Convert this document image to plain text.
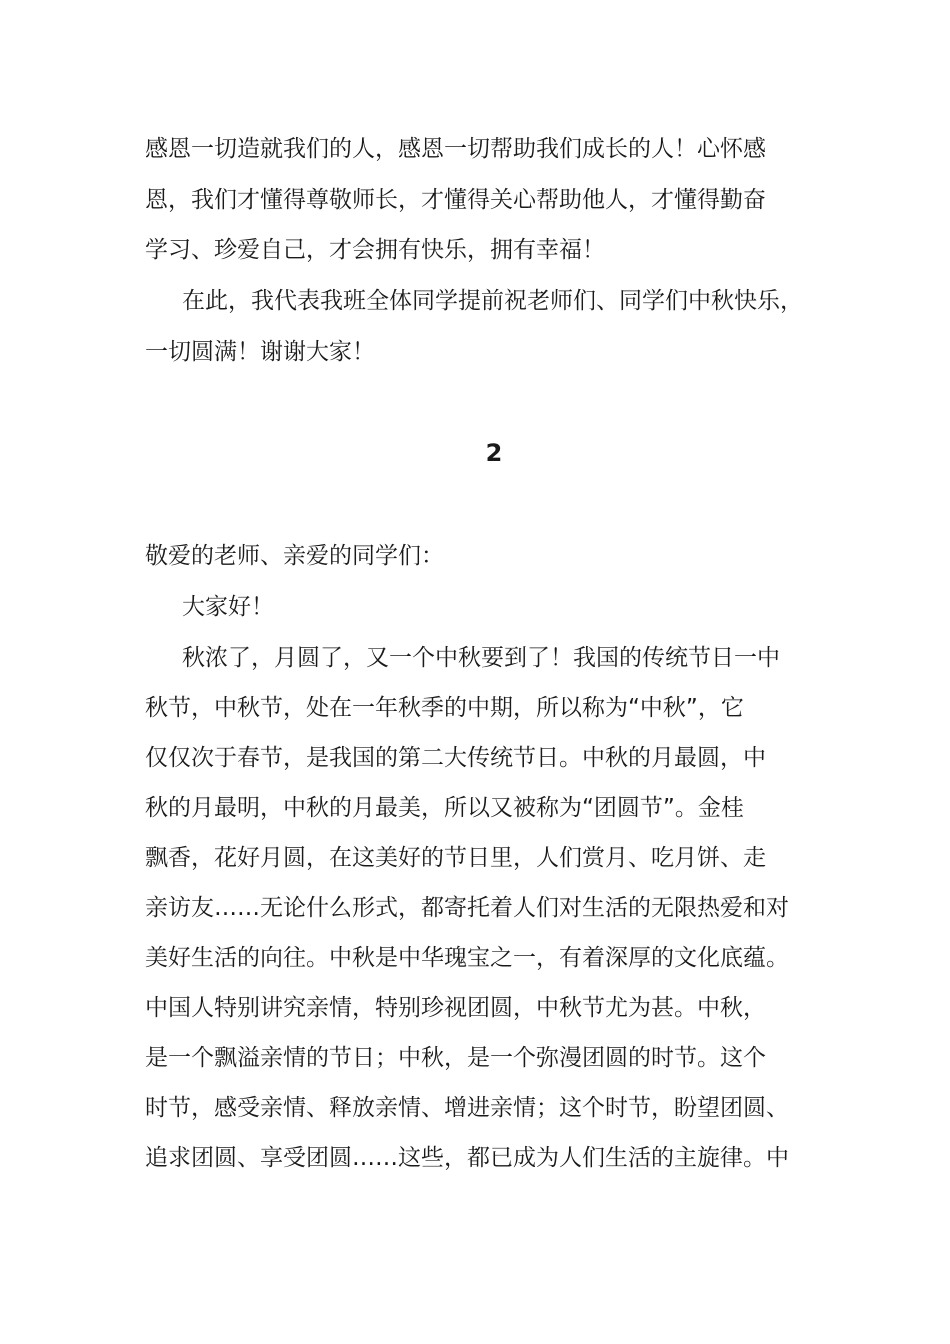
感恩一切造就我们的人，感恩一切帮助我们成长的人！心怀感
恩，我们才懂得尊敬师长，才懂得关心帮助他人，才懂得勤奋
学习、珍爱自己，才会拥有快乐，拥有幸福！
在此，我代表我班全体同学提前祝老师们、同学们中秋快乐，
一切圆满！谢谢大家！
2
敬爱的老师、亲爱的同学们：
大家好！
秋浓了，月圆了，又一个中秋要到了！我国的传统节日一中
秋节，中秋节，处在一年秋季的中期，所以称为“中秋”，它
仅仅次于春节，是我国的第二大传统节日。中秋的月最圆，中
秋的月最明，中秋的月最美，所以又被称为“团圆节”。金桂
飘香，花好月圆，在这美好的节日里，人们赏月、吃月饼、走
亲访友……无论什么形式，都寄托着人们对生活的无限热爱和对
美好生活的向往。中秋是中华瑰宝之一，有着深厚的文化底蕴。
中国人特别讲究亲情，特别珍视团圆，中秋节尤为甚。中秋，
是一个飘溢亲情的节日；中秋，是一个弥漫团圆的时节。这个
时节，感受亲情、释放亲情、增进亲情；这个时节，盼望团圆、
追求团圆、享受团圆……这些，都已成为人们生活的主旋律。中
